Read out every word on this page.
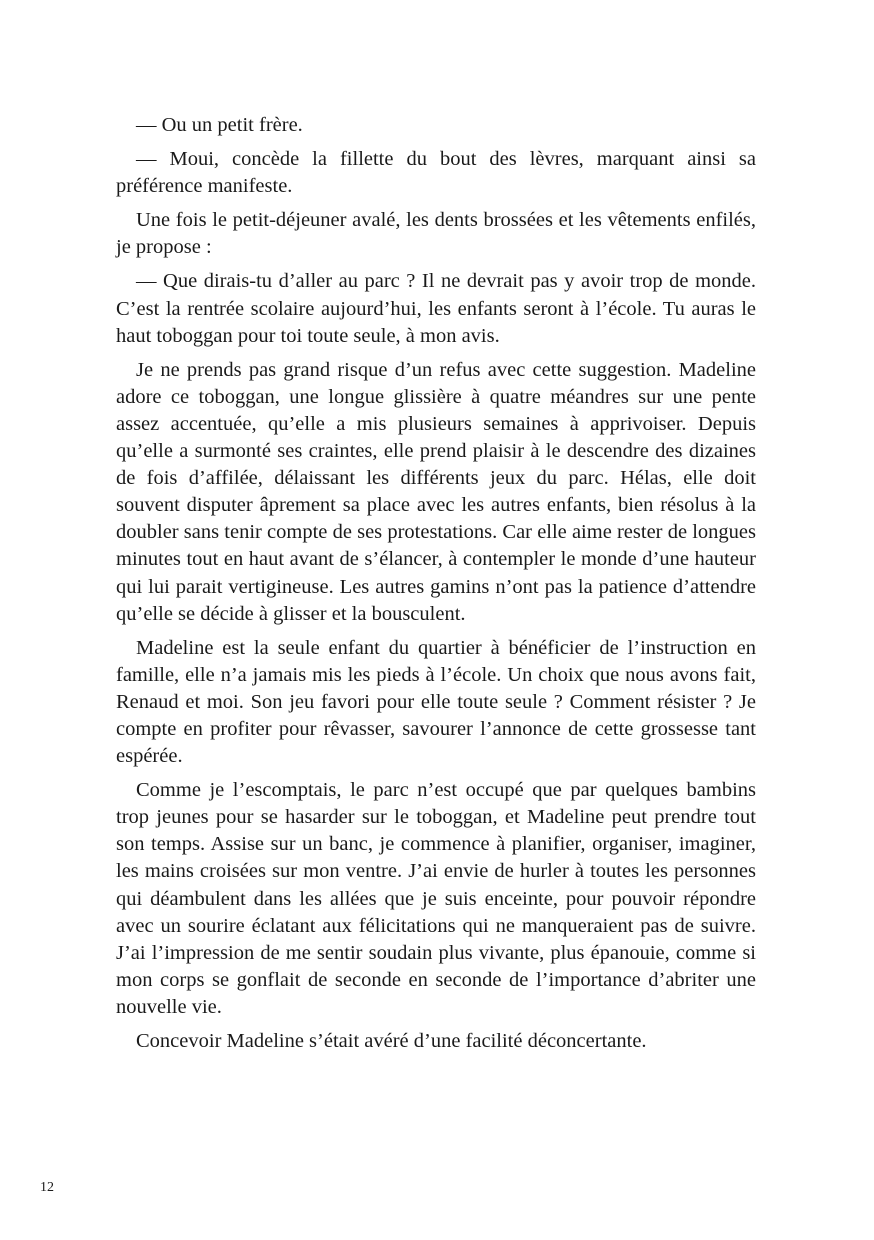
— Ou un petit frère.

— Moui, concède la fillette du bout des lèvres, marquant ainsi sa préférence manifeste.

Une fois le petit-déjeuner avalé, les dents brossées et les vêtements enfilés, je propose :

— Que dirais-tu d’aller au parc ? Il ne devrait pas y avoir trop de monde. C’est la rentrée scolaire aujourd’hui, les enfants seront à l’école. Tu auras le haut toboggan pour toi toute seule, à mon avis.

Je ne prends pas grand risque d’un refus avec cette suggestion. Madeline adore ce toboggan, une longue glissière à quatre méandres sur une pente assez accentuée, qu’elle a mis plusieurs semaines à apprivoiser. Depuis qu’elle a surmonté ses craintes, elle prend plaisir à le descendre des dizaines de fois d’affilée, délaissant les différents jeux du parc. Hélas, elle doit souvent disputer âprement sa place avec les autres enfants, bien résolus à la doubler sans tenir compte de ses protestations. Car elle aime rester de longues minutes tout en haut avant de s’élancer, à contempler le monde d’une hauteur qui lui parait vertigineuse. Les autres gamins n’ont pas la patience d’attendre qu’elle se décide à glisser et la bousculent.

Madeline est la seule enfant du quartier à bénéficier de l’instruction en famille, elle n’a jamais mis les pieds à l’école. Un choix que nous avons fait, Renaud et moi. Son jeu favori pour elle toute seule ? Comment résister ? Je compte en profiter pour rêvasser, savourer l’annonce de cette grossesse tant espérée.

Comme je l’escomptais, le parc n’est occupé que par quelques bambins trop jeunes pour se hasarder sur le toboggan, et Madeline peut prendre tout son temps. Assise sur un banc, je commence à planifier, organiser, imaginer, les mains croisées sur mon ventre. J’ai envie de hurler à toutes les personnes qui déambulent dans les allées que je suis enceinte, pour pouvoir répondre avec un sourire éclatant aux félicitations qui ne manqueraient pas de suivre. J’ai l’impression de me sentir soudain plus vivante, plus épanouie, comme si mon corps se gonflait de seconde en seconde de l’importance d’abriter une nouvelle vie.

Concevoir Madeline s’était avéré d’une facilité déconcertante.

12
